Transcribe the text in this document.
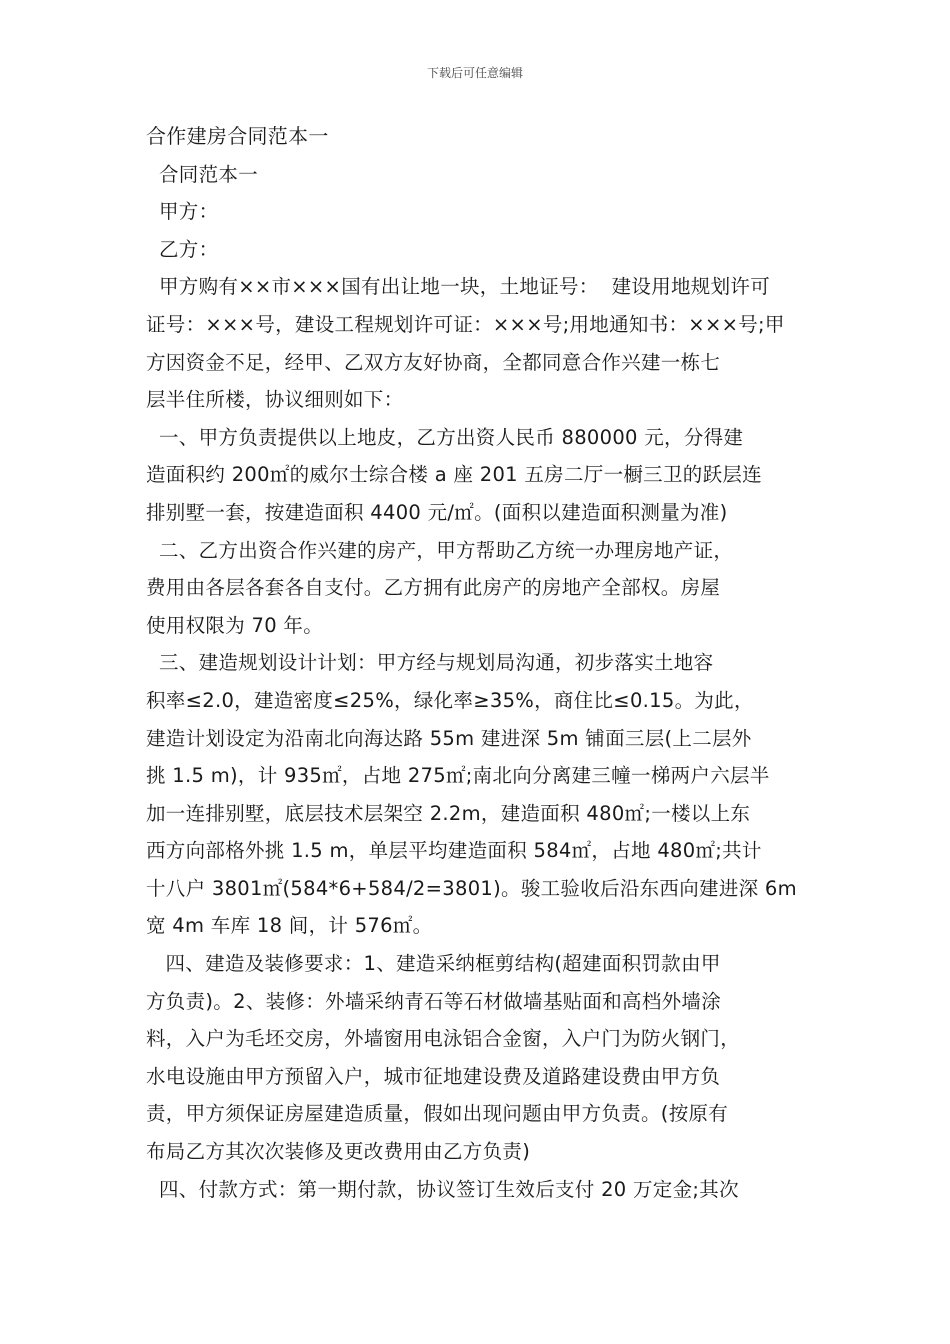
下载后可任意编辑
合作建房合同范本一
合同范本一
甲方：
乙方：
甲方购有××市×××国有出让地一块，土地证号：  建设用地规划许可
证号：×××号，建设工程规划许可证：×××号;用地通知书：×××号;甲
方因资金不足，经甲、乙双方友好协商，全都同意合作兴建一栋七
层半住所楼，协议细则如下：
一、甲方负责提供以上地皮，乙方出资人民币 880000 元，分得建
造面积约 200㎡的威尔士综合楼 a 座 201 五房二厅一橱三卫的跃层连
排别墅一套，按建造面积 4400 元/㎡。(面积以建造面积测量为准)
二、乙方出资合作兴建的房产，甲方帮助乙方统一办理房地产证，
费用由各层各套各自支付。乙方拥有此房产的房地产全部权。房屋
使用权限为 70 年。
三、建造规划设计计划：甲方经与规划局沟通，初步落实土地容
积率≤2.0，建造密度≤25%，绿化率≥35%，商住比≤0.15。为此，
建造计划设定为沿南北向海达路 55m 建进深 5m 铺面三层(上二层外
挑 1.5 m)，计 935㎡，占地 275㎡;南北向分离建三幢一梯两户六层半
加一连排别墅，底层技术层架空 2.2m，建造面积 480㎡;一楼以上东
西方向部格外挑 1.5 m，单层平均建造面积 584㎡，占地 480㎡;共计
十八户 3801㎡(584*6+584/2=3801)。骏工验收后沿东西向建进深 6m
宽 4m 车库 18 间，计 576㎡。
四、建造及装修要求：1、建造采纳框剪结构(超建面积罚款由甲
方负责)。2、装修：外墙采纳青石等石材做墙基贴面和高档外墙涂
料，入户为毛坯交房，外墙窗用电泳铝合金窗，入户门为防火钢门，
水电设施由甲方预留入户，城市征地建设费及道路建设费由甲方负
责，甲方须保证房屋建造质量，假如出现问题由甲方负责。(按原有
布局乙方其次次装修及更改费用由乙方负责)
四、付款方式：第一期付款，协议签订生效后支付 20 万定金;其次
